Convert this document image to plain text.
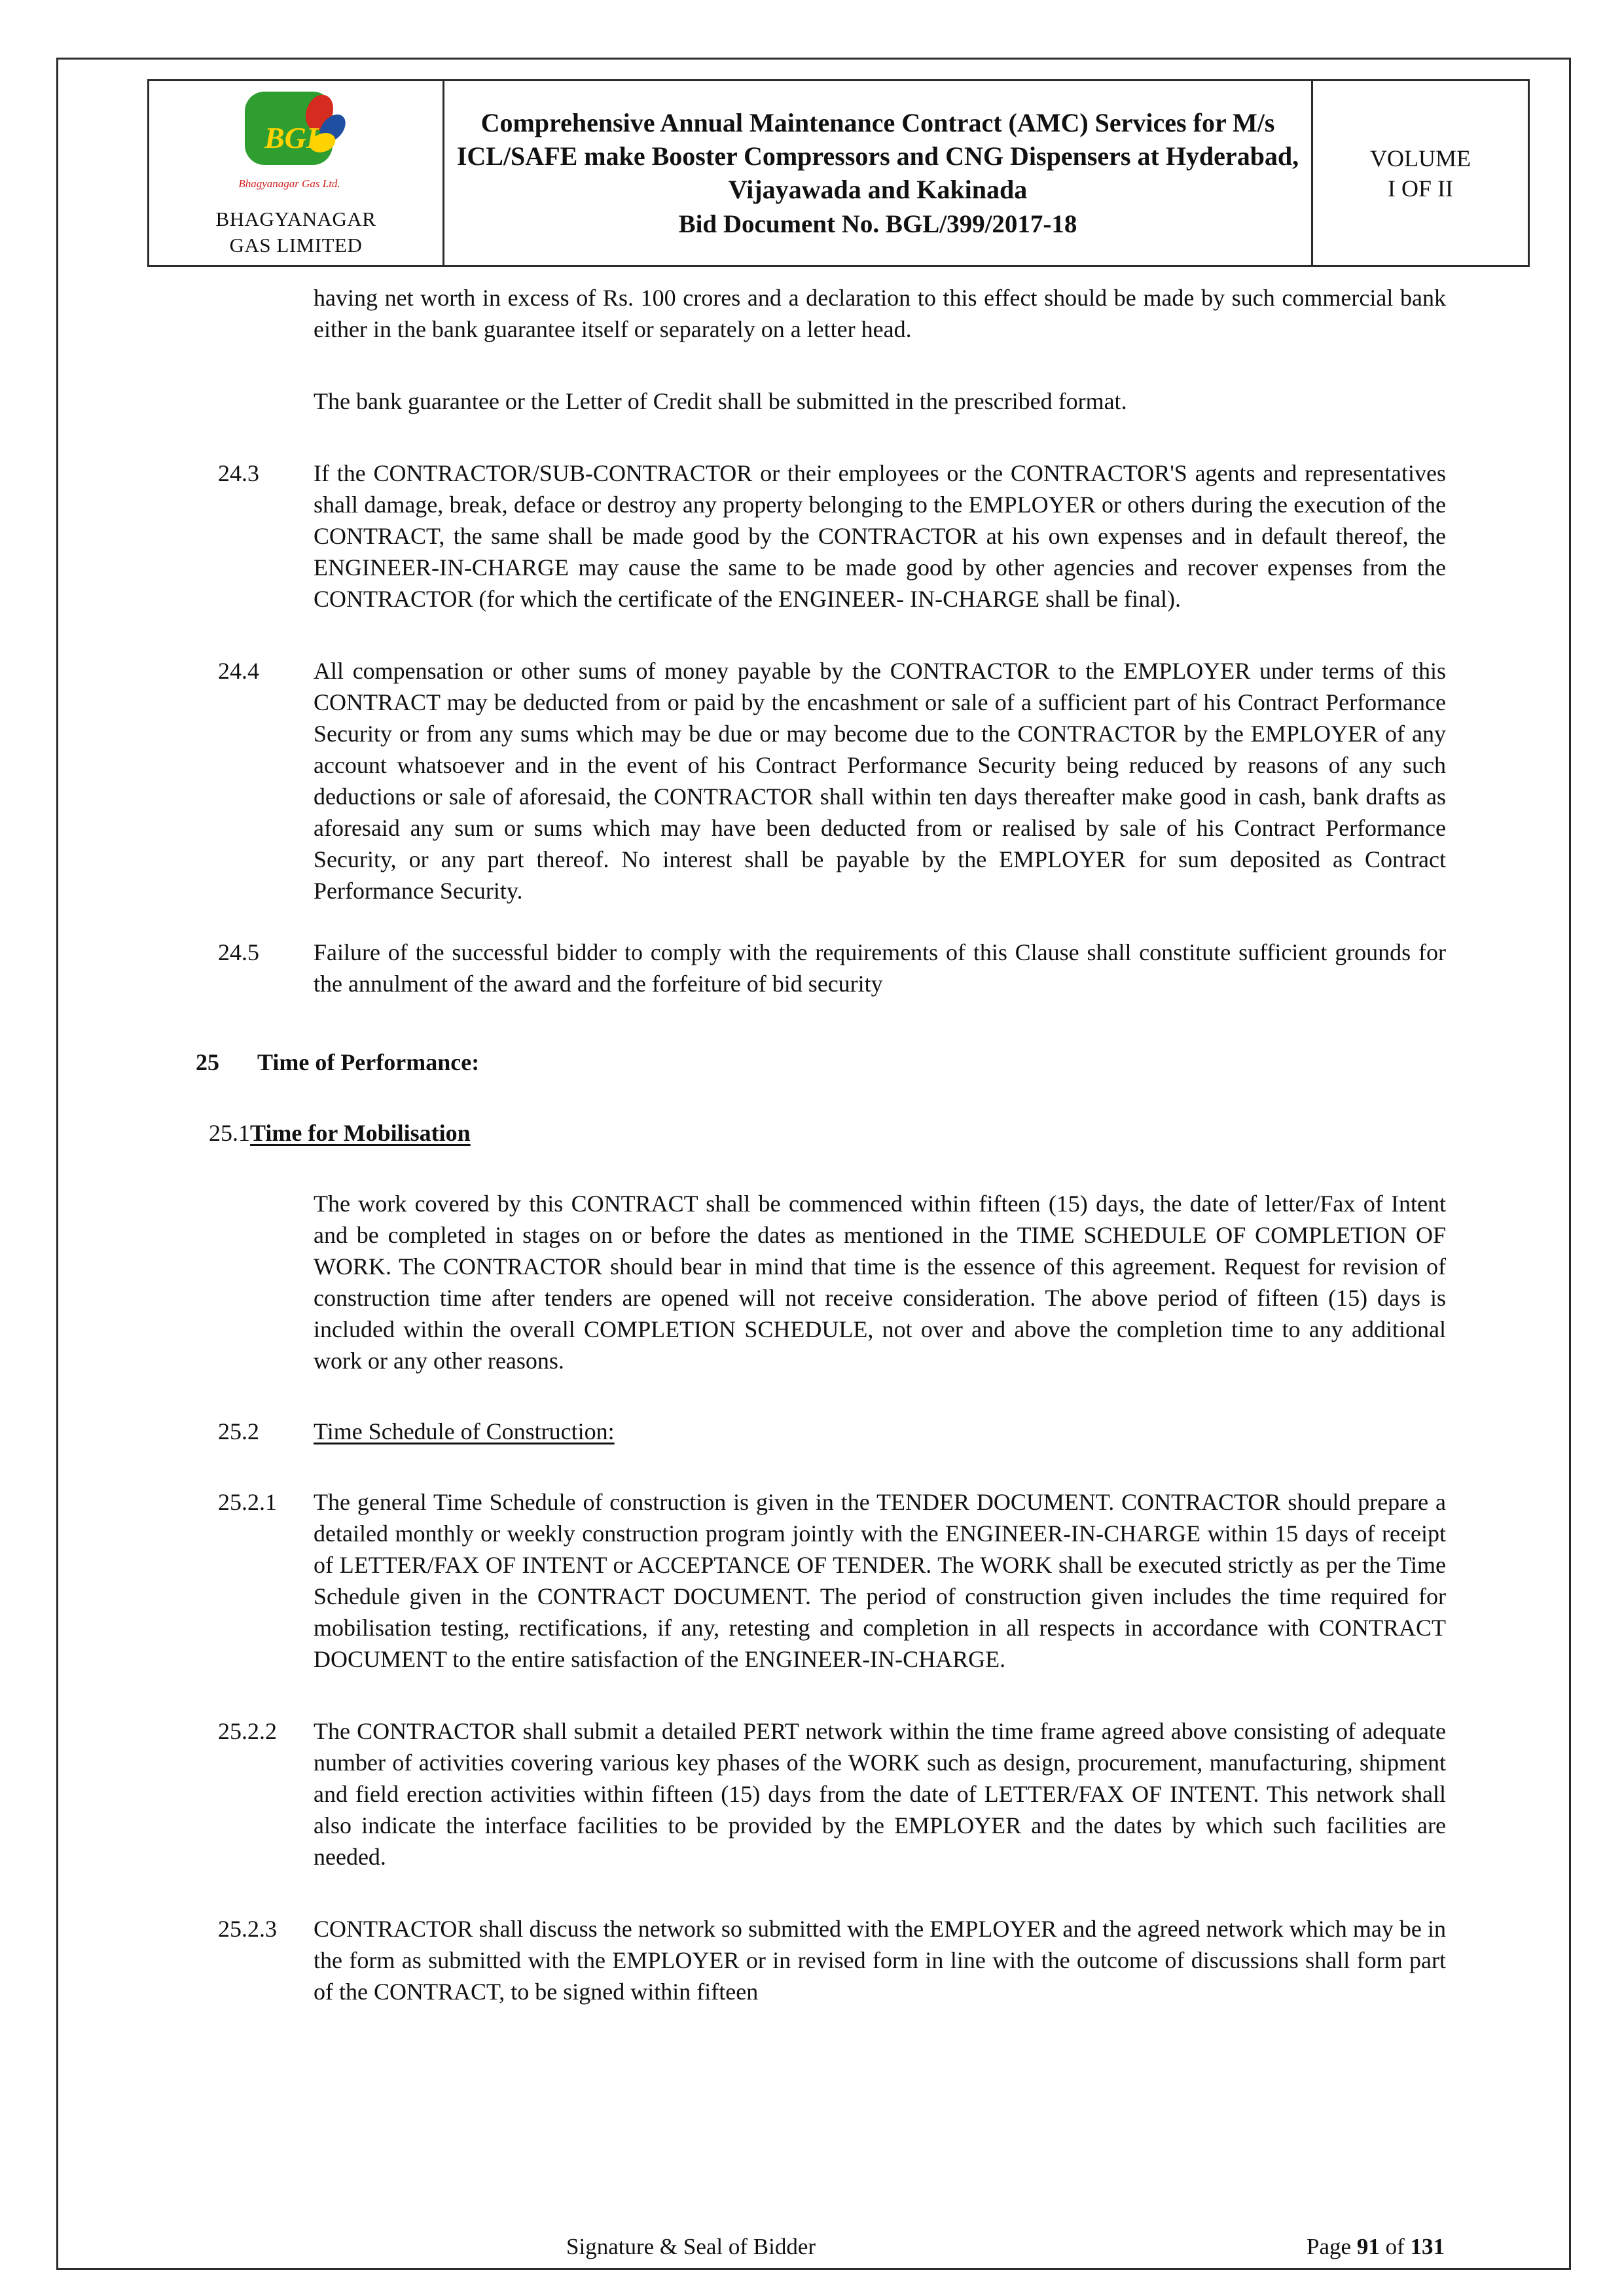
BGL
Bhagyanagar Gas Ltd.
BHAGYANAGAR
GAS LIMITED

Comprehensive Annual Maintenance Contract (AMC) Services for M/s ICL/SAFE make Booster Compressors and CNG Dispensers at Hyderabad, Vijayawada and Kakinada
Bid Document No. BGL/399/2017-18

VOLUME
I OF II
having net worth in excess of Rs. 100 crores and a declaration to this effect should be made by such commercial bank either in the bank guarantee itself or separately on a letter head.
The bank guarantee or the Letter of Credit shall be submitted in the prescribed format.
24.3	If the CONTRACTOR/SUB-CONTRACTOR or their employees or the CONTRACTOR'S agents and representatives shall damage, break, deface or destroy any property belonging to the EMPLOYER or others during the execution of the CONTRACT, the same shall be made good by the CONTRACTOR at his own expenses and in default thereof, the ENGINEER-IN-CHARGE may cause the same to be made good by other agencies and recover expenses from the CONTRACTOR (for which the certificate of the ENGINEER- IN-CHARGE shall be final).
24.4	All compensation or other sums of money payable by the CONTRACTOR to the EMPLOYER under terms of this CONTRACT may be deducted from or paid by the encashment or sale of a sufficient part of his Contract Performance Security or from any sums which may be due or may become due to the CONTRACTOR by the EMPLOYER of any account whatsoever and in the event of his Contract Performance Security being reduced by reasons of any such deductions or sale of aforesaid, the CONTRACTOR shall within ten days thereafter make good in cash, bank drafts as aforesaid any sum or sums which may have been deducted from or realised by sale of his Contract Performance Security, or any part thereof. No interest shall be payable by the EMPLOYER for sum deposited as Contract Performance Security.
24.5	Failure of the successful bidder to comply with the requirements of this Clause shall constitute sufficient grounds for the annulment of the award and the forfeiture of bid security
25	Time of Performance:
25.1 Time for Mobilisation
The work covered by this CONTRACT shall be commenced within fifteen (15) days, the date of letter/Fax of Intent and be completed in stages on or before the dates as mentioned in the TIME SCHEDULE OF COMPLETION OF WORK. The CONTRACTOR should bear in mind that time is the essence of this agreement. Request for revision of construction time after tenders are opened will not receive consideration. The above period of fifteen (15) days is included within the overall COMPLETION SCHEDULE, not over and above the completion time to any additional work or any other reasons.
25.2	Time Schedule of Construction:
25.2.1	The general Time Schedule of construction is given in the TENDER DOCUMENT. CONTRACTOR should prepare a detailed monthly or weekly construction program jointly with the ENGINEER-IN-CHARGE within 15 days of receipt of LETTER/FAX OF INTENT or ACCEPTANCE OF TENDER. The WORK shall be executed strictly as per the Time Schedule given in the CONTRACT DOCUMENT. The period of construction given includes the time required for mobilisation testing, rectifications, if any, retesting and completion in all respects in accordance with CONTRACT DOCUMENT to the entire satisfaction of the ENGINEER-IN-CHARGE.
25.2.2	The CONTRACTOR shall submit a detailed PERT network within the time frame agreed above consisting of adequate number of activities covering various key phases of the WORK such as design, procurement, manufacturing, shipment and field erection activities within fifteen (15) days from the date of LETTER/FAX OF INTENT. This network shall also indicate the interface facilities to be provided by the EMPLOYER and the dates by which such facilities are needed.
25.2.3	CONTRACTOR shall discuss the network so submitted with the EMPLOYER and the agreed network which may be in the form as submitted with the EMPLOYER or in revised form in line with the outcome of discussions shall form part of the CONTRACT, to be signed within fifteen
Signature & Seal of Bidder	Page 91 of 131
